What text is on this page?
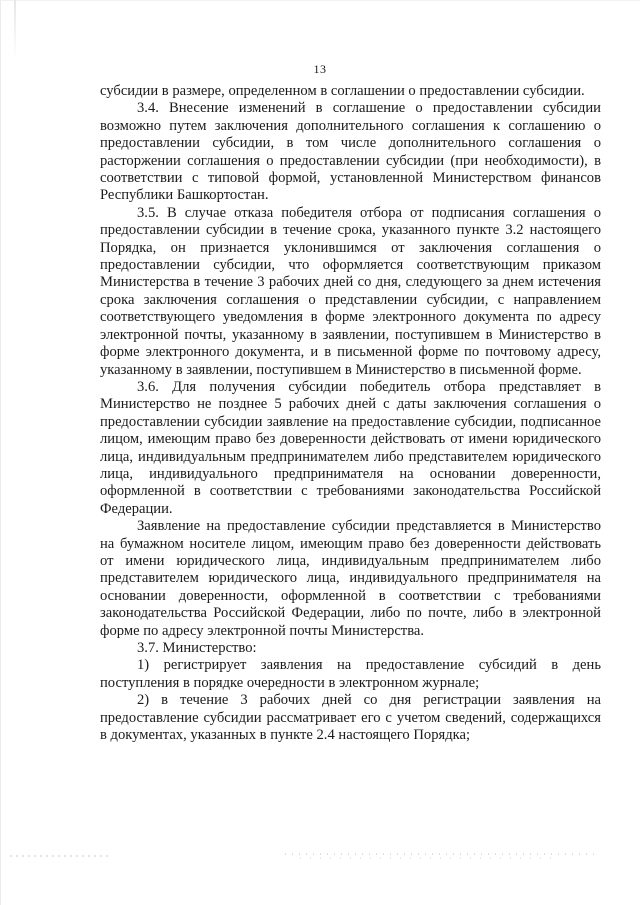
13

субсидии в размере, определенном в соглашении о предоставлении субсидии.

3.4. Внесение изменений в соглашение о предоставлении субсидии возможно путем заключения дополнительного соглашения к соглашению о предоставлении субсидии, в том числе дополнительного соглашения о расторжении соглашения о предоставлении субсидии (при необходимости), в соответствии с типовой формой, установленной Министерством финансов Республики Башкортостан.

3.5. В случае отказа победителя отбора от подписания соглашения о предоставлении субсидии в течение срока, указанного пункте 3.2 настоящего Порядка, он признается уклонившимся от заключения соглашения о предоставлении субсидии, что оформляется соответствующим приказом Министерства в течение 3 рабочих дней со дня, следующего за днем истечения срока заключения соглашения о представлении субсидии, с направлением соответствующего уведомления в форме электронного документа по адресу электронной почты, указанному в заявлении, поступившем в Министерство в форме электронного документа, и в письменной форме по почтовому адресу, указанному в заявлении, поступившем в Министерство в письменной форме.

3.6. Для получения субсидии победитель отбора представляет в Министерство не позднее 5 рабочих дней с даты заключения соглашения о предоставлении субсидии заявление на предоставление субсидии, подписанное лицом, имеющим право без доверенности действовать от имени юридического лица, индивидуальным предпринимателем либо представителем юридического лица, индивидуального предпринимателя на основании доверенности, оформленной в соответствии с требованиями законодательства Российской Федерации.

Заявление на предоставление субсидии представляется в Министерство на бумажном носителе лицом, имеющим право без доверенности действовать от имени юридического лица, индивидуальным предпринимателем либо представителем юридического лица, индивидуального предпринимателя на основании доверенности, оформленной в соответствии с требованиями законодательства Российской Федерации, либо по почте, либо в электронной форме по адресу электронной почты Министерства.

3.7. Министерство:

1) регистрирует заявления на предоставление субсидий в день поступления в порядке очередности в электронном журнале;

2) в течение 3 рабочих дней со дня регистрации заявления на предоставление субсидии рассматривает его с учетом сведений, содержащихся в документах, указанных в пункте 2.4 настоящего Порядка;
